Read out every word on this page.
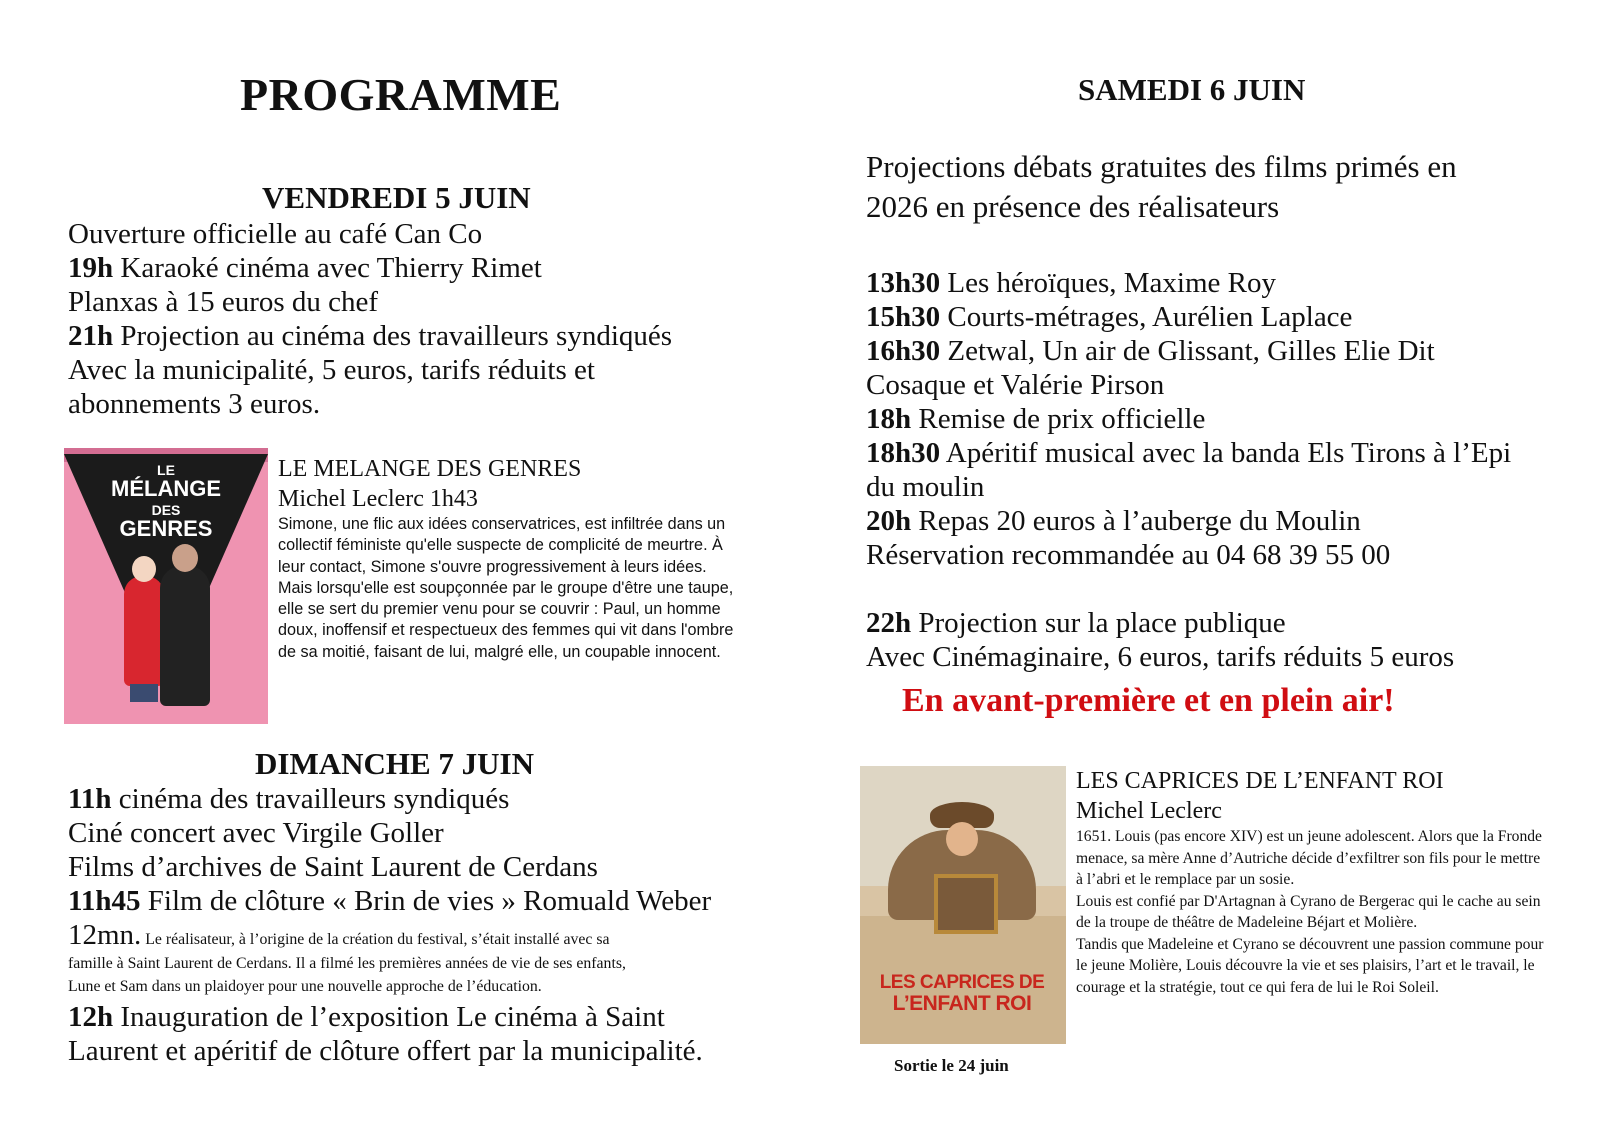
PROGRAMME
VENDREDI 5 JUIN
Ouverture officielle au café Can Co
19h Karaoké cinéma avec Thierry Rimet
Planxas à 15 euros du chef
21h Projection au cinéma des travailleurs syndiqués
Avec la municipalité, 5 euros, tarifs réduits et
abonnements 3 euros.
LE
MÉLANGE
DES
GENRES
LE MELANGE DES GENRES
Michel Leclerc 1h43
Simone, une flic aux idées conservatrices, est infiltrée dans un collectif féministe qu'elle suspecte de complicité de meurtre. À leur contact, Simone s'ouvre progressivement à leurs idées. Mais lorsqu'elle est soupçonnée par le groupe d'être une taupe, elle se sert du premier venu pour se couvrir : Paul, un homme doux, inoffensif et respectueux des femmes qui vit dans l'ombre de sa moitié, faisant de lui, malgré elle, un coupable innocent.
DIMANCHE 7 JUIN
11h cinéma des travailleurs syndiqués
Ciné concert avec Virgile Goller
Films d’archives de Saint Laurent de Cerdans
11h45 Film de clôture « Brin de vies » Romuald Weber
12mn. Le réalisateur, à l’origine de la création du festival, s’était installé avec sa
famille à Saint Laurent de Cerdans. Il a filmé les premières années de vie de ses enfants,
Lune et Sam dans un plaidoyer pour une nouvelle approche de l’éducation.
12h Inauguration de l’exposition Le cinéma à Saint
Laurent et apéritif de clôture offert par la municipalité.
SAMEDI 6 JUIN
Projections débats gratuites des films primés en
2026 en présence des réalisateurs
13h30 Les héroïques, Maxime Roy
15h30 Courts-métrages, Aurélien Laplace
16h30 Zetwal, Un air de Glissant, Gilles Elie Dit
Cosaque et Valérie Pirson
18h Remise de prix officielle
18h30 Apéritif musical avec la banda Els Tirons à l’Epi
du moulin
20h Repas 20 euros à l’auberge du Moulin
Réservation recommandée au 04 68 39 55 00
22h Projection sur la place publique
Avec Cinémaginaire, 6 euros, tarifs réduits 5 euros
En avant-première et en plein air!
LES CAPRICES DE
L’ENFANT ROI
Sortie le 24 juin
LES CAPRICES DE L’ENFANT ROI
Michel Leclerc
1651. Louis (pas encore XIV) est un jeune adolescent. Alors que la Fronde menace, sa mère Anne d’Autriche décide d’exfiltrer son fils pour le mettre à l’abri et le remplace par un sosie.
Louis est confié par D'Artagnan à Cyrano de Bergerac qui le cache au sein de la troupe de théâtre de Madeleine Béjart et Molière.
Tandis que Madeleine et Cyrano se découvrent une passion commune pour le jeune Molière, Louis découvre la vie et ses plaisirs, l’art et le travail, le courage et la stratégie, tout ce qui fera de lui le Roi Soleil.
